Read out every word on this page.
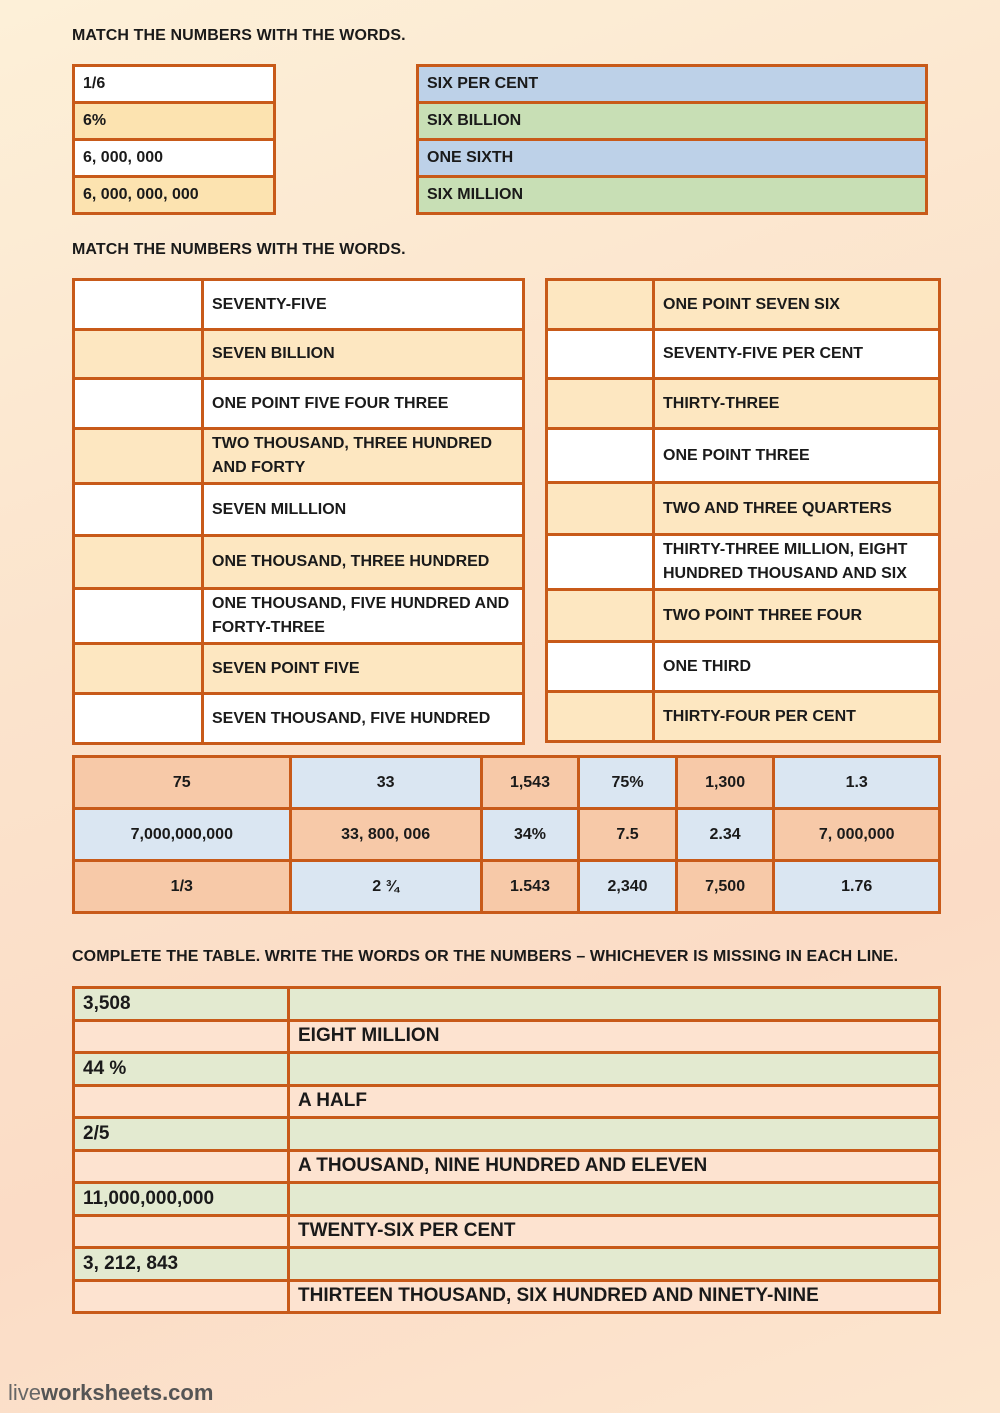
MATCH THE NUMBERS WITH THE WORDS.
1/6
6%
6, 000, 000
6, 000, 000, 000
SIX PER CENT
SIX BILLION
ONE SIXTH
SIX MILLION
MATCH THE NUMBERS WITH THE WORDS.
	SEVENTY-FIVE
	SEVEN BILLION
	ONE POINT FIVE FOUR THREE
	TWO THOUSAND, THREE HUNDRED AND FORTY
	SEVEN MILLLION
	ONE THOUSAND, THREE HUNDRED
	ONE THOUSAND, FIVE HUNDRED AND FORTY-THREE
	SEVEN POINT FIVE
	SEVEN THOUSAND, FIVE HUNDRED
	ONE POINT SEVEN SIX
	SEVENTY-FIVE PER CENT
	THIRTY-THREE
	ONE POINT THREE
	TWO AND THREE QUARTERS
	THIRTY-THREE MILLION, EIGHT HUNDRED THOUSAND AND SIX
	TWO POINT THREE FOUR
	ONE THIRD
	THIRTY-FOUR PER CENT
75	33	1,543	75%	1,300	1.3
7,000,000,000	33, 800, 006	34%	7.5	2.34	7, 000,000
1/3	2 ¾	1.543	2,340	7,500	1.76
COMPLETE THE TABLE. WRITE THE WORDS OR THE NUMBERS – WHICHEVER IS MISSING IN EACH LINE.
3,508	
	EIGHT MILLION
44 %	
	A HALF
2/5	
	A THOUSAND, NINE HUNDRED AND ELEVEN
11,000,000,000	
	TWENTY-SIX PER CENT
3, 212, 843	
	THIRTEEN THOUSAND, SIX HUNDRED AND NINETY-NINE
liveworksheets.com
